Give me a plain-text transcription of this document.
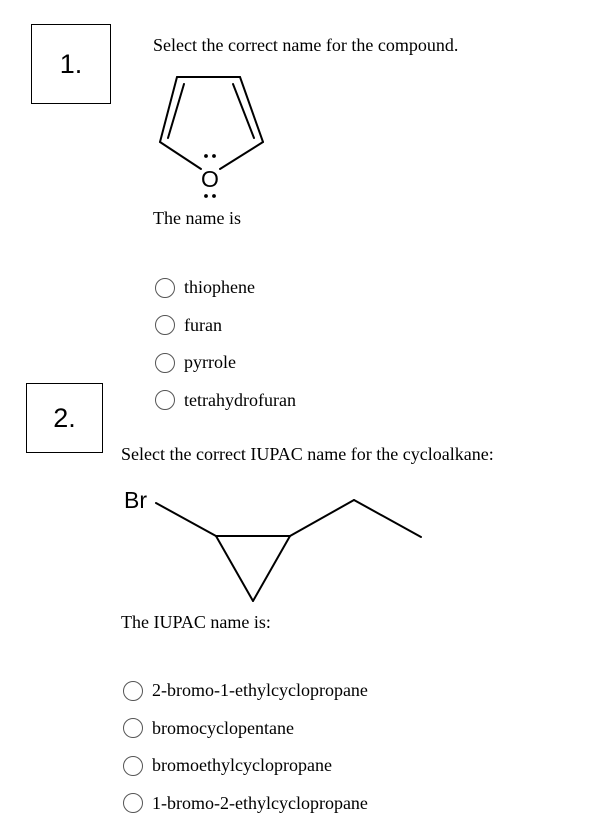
1.
Select the correct name for the compound.
O
The name is
thiophene
furan
pyrrole
tetrahydrofuran
2.
Select the correct IUPAC name for the cycloalkane:
Br
The IUPAC name is:
2-bromo-1-ethylcyclopropane
bromocyclopentane
bromoethylcyclopropane
1-bromo-2-ethylcyclopropane
